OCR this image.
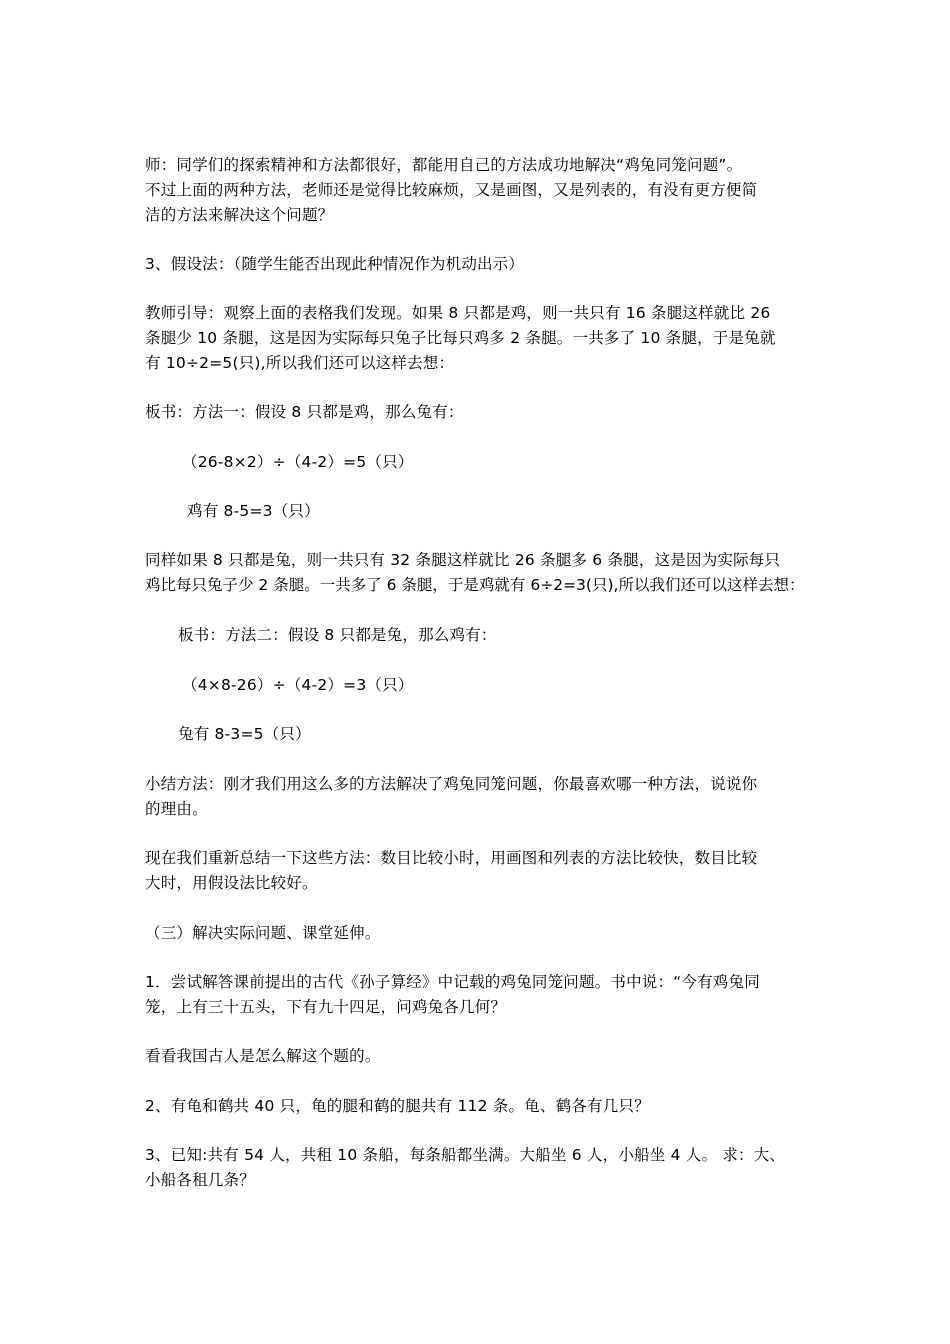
师：同学们的探索精神和方法都很好，都能用自己的方法成功地解决“鸡兔同笼问题”。
不过上面的两种方法，老师还是觉得比较麻烦，又是画图，又是列表的，有没有更方便简
洁的方法来解决这个问题？
3、假设法：（随学生能否出现此种情况作为机动出示）
教师引导：观察上面的表格我们发现。如果 8 只都是鸡，则一共只有 16 条腿这样就比 26
条腿少 10 条腿，这是因为实际每只兔子比每只鸡多 2 条腿。一共多了 10 条腿，于是兔就
有 10÷2=5(只),所以我们还可以这样去想：
板书：方法一：假设 8 只都是鸡，那么兔有：
（26-8×2）÷（4-2）=5（只）
鸡有 8-5=3（只）
同样如果 8 只都是兔，则一共只有 32 条腿这样就比 26 条腿多 6 条腿，这是因为实际每只
鸡比每只兔子少 2 条腿。一共多了 6 条腿，于是鸡就有 6÷2=3(只),所以我们还可以这样去想：
板书：方法二：假设 8 只都是兔，那么鸡有：
（4×8-26）÷（4-2）=3（只）
兔有 8-3=5（只）
小结方法：刚才我们用这么多的方法解决了鸡兔同笼问题，你最喜欢哪一种方法，说说你
的理由。
现在我们重新总结一下这些方法：数目比较小时，用画图和列表的方法比较快，数目比较
大时，用假设法比较好。
（三）解决实际问题、课堂延伸。
1．尝试解答课前提出的古代《孙子算经》中记载的鸡兔同笼问题。书中说：“今有鸡兔同
笼，上有三十五头，下有九十四足，问鸡兔各几何？
看看我国古人是怎么解这个题的。
2、有龟和鹤共 40 只，龟的腿和鹤的腿共有 112 条。龟、鹤各有几只？
3、已知:共有 54 人，共租 10 条船，每条船都坐满。大船坐 6 人，小船坐 4 人。 求：大、
小船各租几条？
